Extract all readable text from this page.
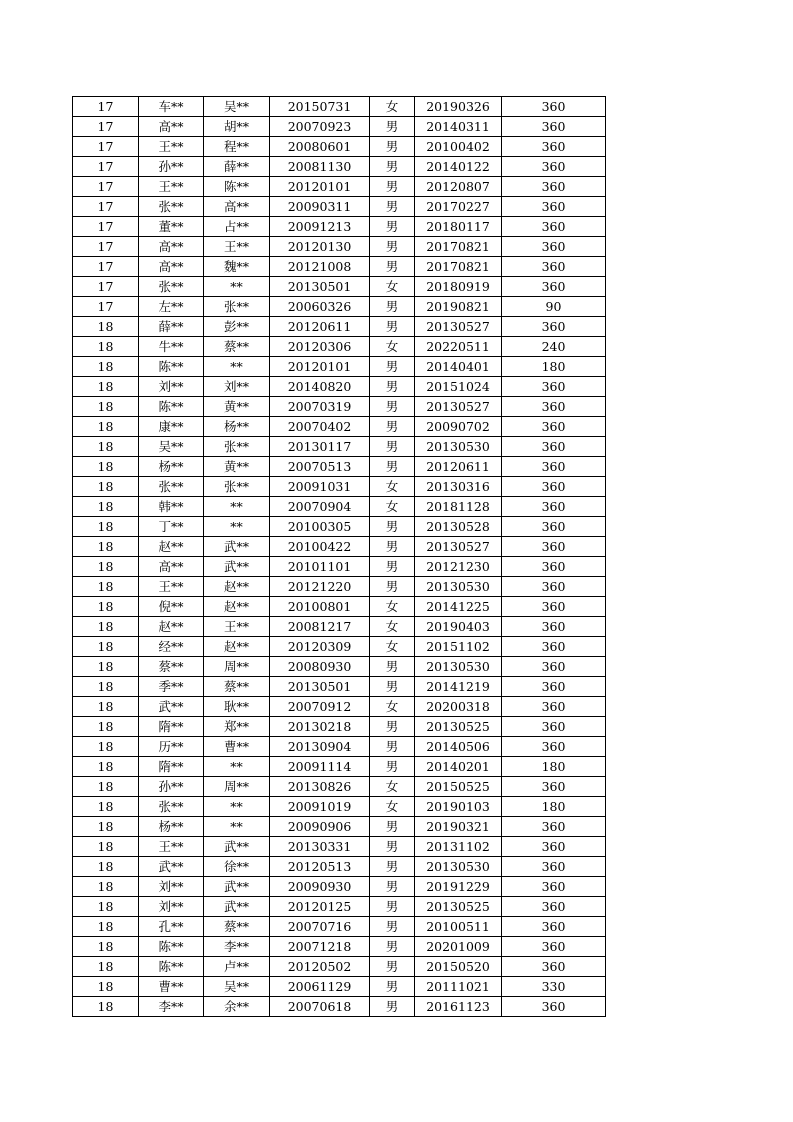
17	车**	吴**	20150731	女	20190326	360
17	高**	胡**	20070923	男	20140311	360
17	王**	程**	20080601	男	20100402	360
17	孙**	薛**	20081130	男	20140122	360
17	王**	陈**	20120101	男	20120807	360
17	张**	高**	20090311	男	20170227	360
17	董**	占**	20091213	男	20180117	360
17	高**	王**	20120130	男	20170821	360
17	高**	魏**	20121008	男	20170821	360
17	张**	**	20130501	女	20180919	360
17	左**	张**	20060326	男	20190821	90
18	薛**	彭**	20120611	男	20130527	360
18	牛**	蔡**	20120306	女	20220511	240
18	陈**	**	20120101	男	20140401	180
18	刘**	刘**	20140820	男	20151024	360
18	陈**	黄**	20070319	男	20130527	360
18	康**	杨**	20070402	男	20090702	360
18	吴**	张**	20130117	男	20130530	360
18	杨**	黄**	20070513	男	20120611	360
18	张**	张**	20091031	女	20130316	360
18	韩**	**	20070904	女	20181128	360
18	丁**	**	20100305	男	20130528	360
18	赵**	武**	20100422	男	20130527	360
18	高**	武**	20101101	男	20121230	360
18	王**	赵**	20121220	男	20130530	360
18	倪**	赵**	20100801	女	20141225	360
18	赵**	王**	20081217	女	20190403	360
18	经**	赵**	20120309	女	20151102	360
18	蔡**	周**	20080930	男	20130530	360
18	季**	蔡**	20130501	男	20141219	360
18	武**	耿**	20070912	女	20200318	360
18	隋**	郑**	20130218	男	20130525	360
18	历**	曹**	20130904	男	20140506	360
18	隋**	**	20091114	男	20140201	180
18	孙**	周**	20130826	女	20150525	360
18	张**	**	20091019	女	20190103	180
18	杨**	**	20090906	男	20190321	360
18	王**	武**	20130331	男	20131102	360
18	武**	徐**	20120513	男	20130530	360
18	刘**	武**	20090930	男	20191229	360
18	刘**	武**	20120125	男	20130525	360
18	孔**	蔡**	20070716	男	20100511	360
18	陈**	李**	20071218	男	20201009	360
18	陈**	卢**	20120502	男	20150520	360
18	曹**	吴**	20061129	男	20111021	330
18	李**	余**	20070618	男	20161123	360
